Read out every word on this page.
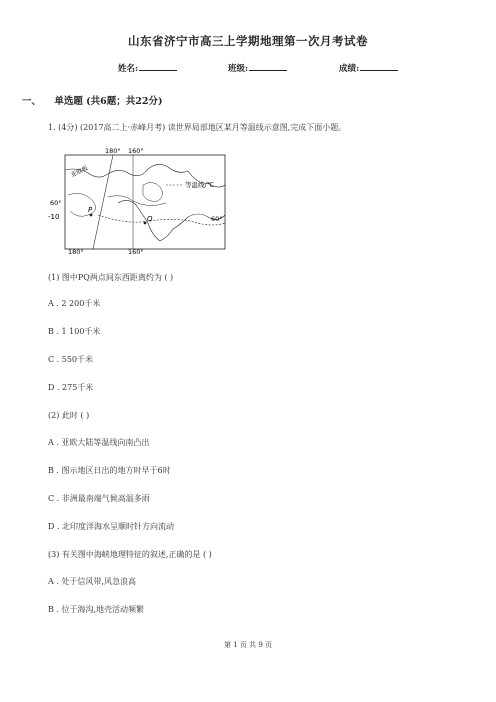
山东省济宁市高三上学期地理第一次月考试卷
姓名:	班级:	成绩:
一、 单选题 (共6题；共22分)
1. (4分) (2017高二上·赤峰月考) 读世界局部地区某月等温线示意图,完成下面小题。
180° 160°
180°	160°
60°
-10	60°
亚欧板
等温线/℃
P
Q
(1) 图中PQ两点间东西距离约为 ( )
A . 2 200千米
B . 1 100千米
C . 550千米
D . 275千米
(2) 此时 ( )
A . 亚欧大陆等温线向南凸出
B . 图示地区日出的地方时早于6时
C . 非洲最南端气候高温多雨
D . 北印度洋海水呈顺时针方向流动
(3) 有关图中海峡地理特征的叙述,正确的是 ( )
A . 处于信风带,风急浪高
B . 位于海沟,地壳活动频繁
第 1 页 共 9 页
